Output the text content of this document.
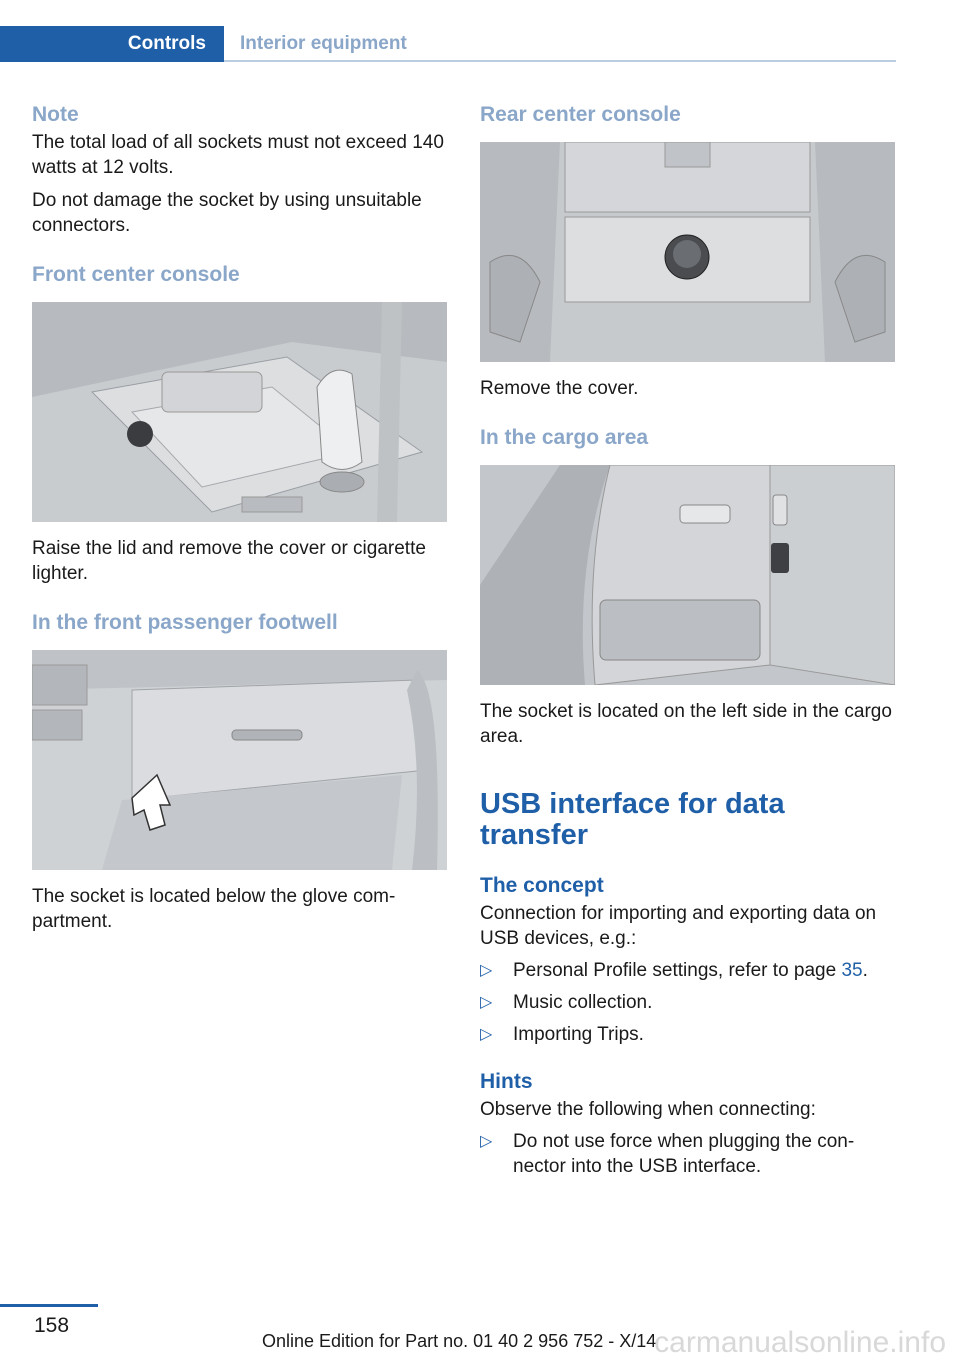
Controls	Interior equipment
Note

The total load of all sockets must not exceed 140 watts at 12 volts.

Do not damage the socket by using unsuitable connectors.

Front center console

Raise the lid and remove the cover or cigarette lighter.

In the front passenger footwell

The socket is located below the glove com‐partment.

Rear center console

Remove the cover.

In the cargo area

The socket is located on the left side in the cargo area.

USB interface for data transfer
The concept

Connection for importing and exporting data on USB devices, e.g.:

▷ Personal Profile settings, refer to page 35.
▷ Music collection.
▷ Importing Trips.
Hints

Observe the following when connecting:

▷ Do not use force when plugging the con‐nector into the USB interface.
158
Online Edition for Part no. 01 40 2 956 752 - X/14
carmanualsonline.info
